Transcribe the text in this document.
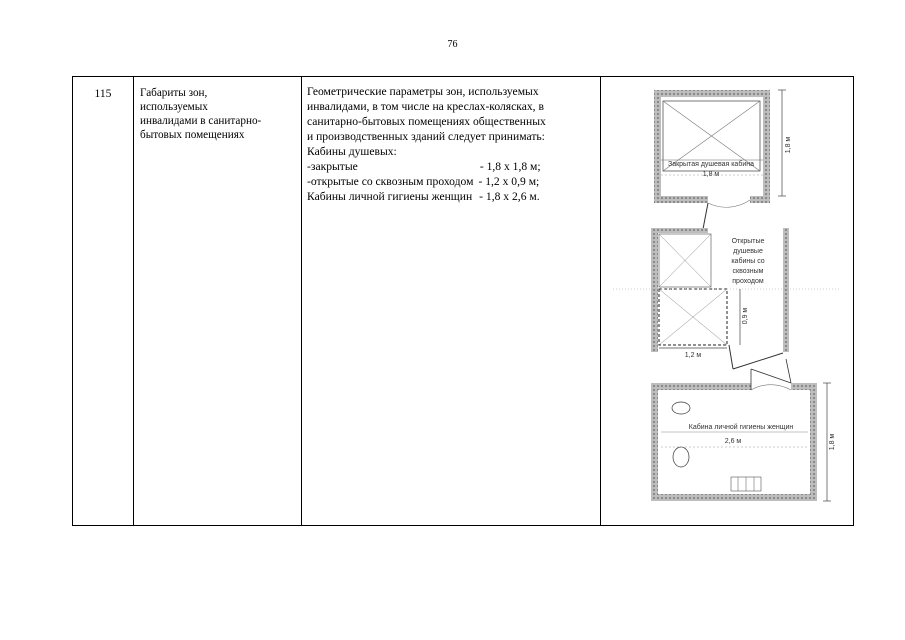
76
115	Габариты зон,
используемых
инвалидами в санитарно-
бытовых помещениях

Геометрические параметры зон, используемых
инвалидами, в том числе на креслах-колясках, в
санитарно-бытовых помещениях общественных
и производственных зданий следует принимать:
Кабины душевых:
-закрытые	- 1,8 х 1,8 м;
-открытые со сквозным проходом - 1,2 х 0,9 м;
Кабины личной гигиены женщин - 1,8 х 2,6 м.

Закрытая душевая кабина
1,8 м
1,8 м
1,2 м
0,9 м
Открытые
душевые
кабины со
сквозным
проходом
Кабина личной гигиены женщин
2,6 м	1,8 м
